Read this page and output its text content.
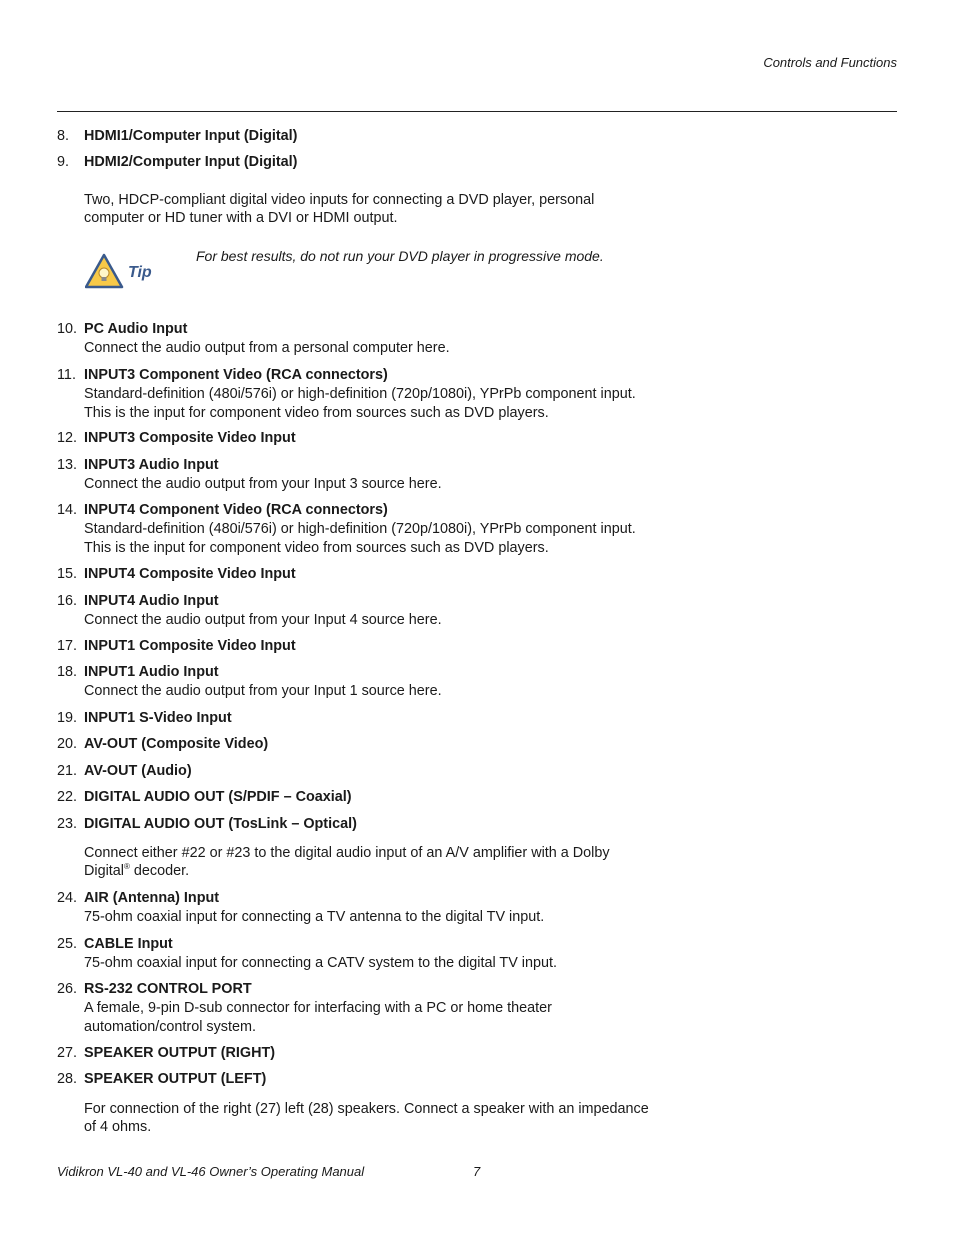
Controls and Functions
8.	HDMI1/Computer Input (Digital)
9.	HDMI2/Computer Input (Digital)
Two, HDCP-compliant digital video inputs for connecting a DVD player, personal
computer or HD tuner with a DVI or HDMI output.
Tip
For best results, do not run your DVD player in progressive mode.
10. PC Audio Input
Connect the audio output from a personal computer here.
11. INPUT3 Component Video (RCA connectors)
Standard-definition (480i/576i) or high-definition (720p/1080i), YPrPb component input.
This is the input for component video from sources such as DVD players.
12. INPUT3 Composite Video Input
13. INPUT3 Audio Input
Connect the audio output from your Input 3 source here.
14. INPUT4 Component Video (RCA connectors)
Standard-definition (480i/576i) or high-definition (720p/1080i), YPrPb component input.
This is the input for component video from sources such as DVD players.
15. INPUT4 Composite Video Input
16. INPUT4 Audio Input
Connect the audio output from your Input 4 source here.
17. INPUT1 Composite Video Input
18. INPUT1 Audio Input
Connect the audio output from your Input 1 source here.
19. INPUT1 S-Video Input
20. AV-OUT (Composite Video)
21. AV-OUT (Audio)
22. DIGITAL AUDIO OUT (S/PDIF – Coaxial)
23. DIGITAL AUDIO OUT (TosLink – Optical)
Connect either #22 or #23 to the digital audio input of an A/V amplifier with a Dolby
Digital® decoder.
24. AIR (Antenna) Input
75-ohm coaxial input for connecting a TV antenna to the digital TV input.
25. CABLE Input
75-ohm coaxial input for connecting a CATV system to the digital TV input.
26. RS-232 CONTROL PORT
A female, 9-pin D-sub connector for interfacing with a PC or home theater
automation/control system.
27. SPEAKER OUTPUT (RIGHT)
28. SPEAKER OUTPUT (LEFT)
For connection of the right (27) left (28) speakers. Connect a speaker with an impedance
of 4 ohms.
Vidikron VL-40 and VL-46 Owner’s Operating Manual	7
